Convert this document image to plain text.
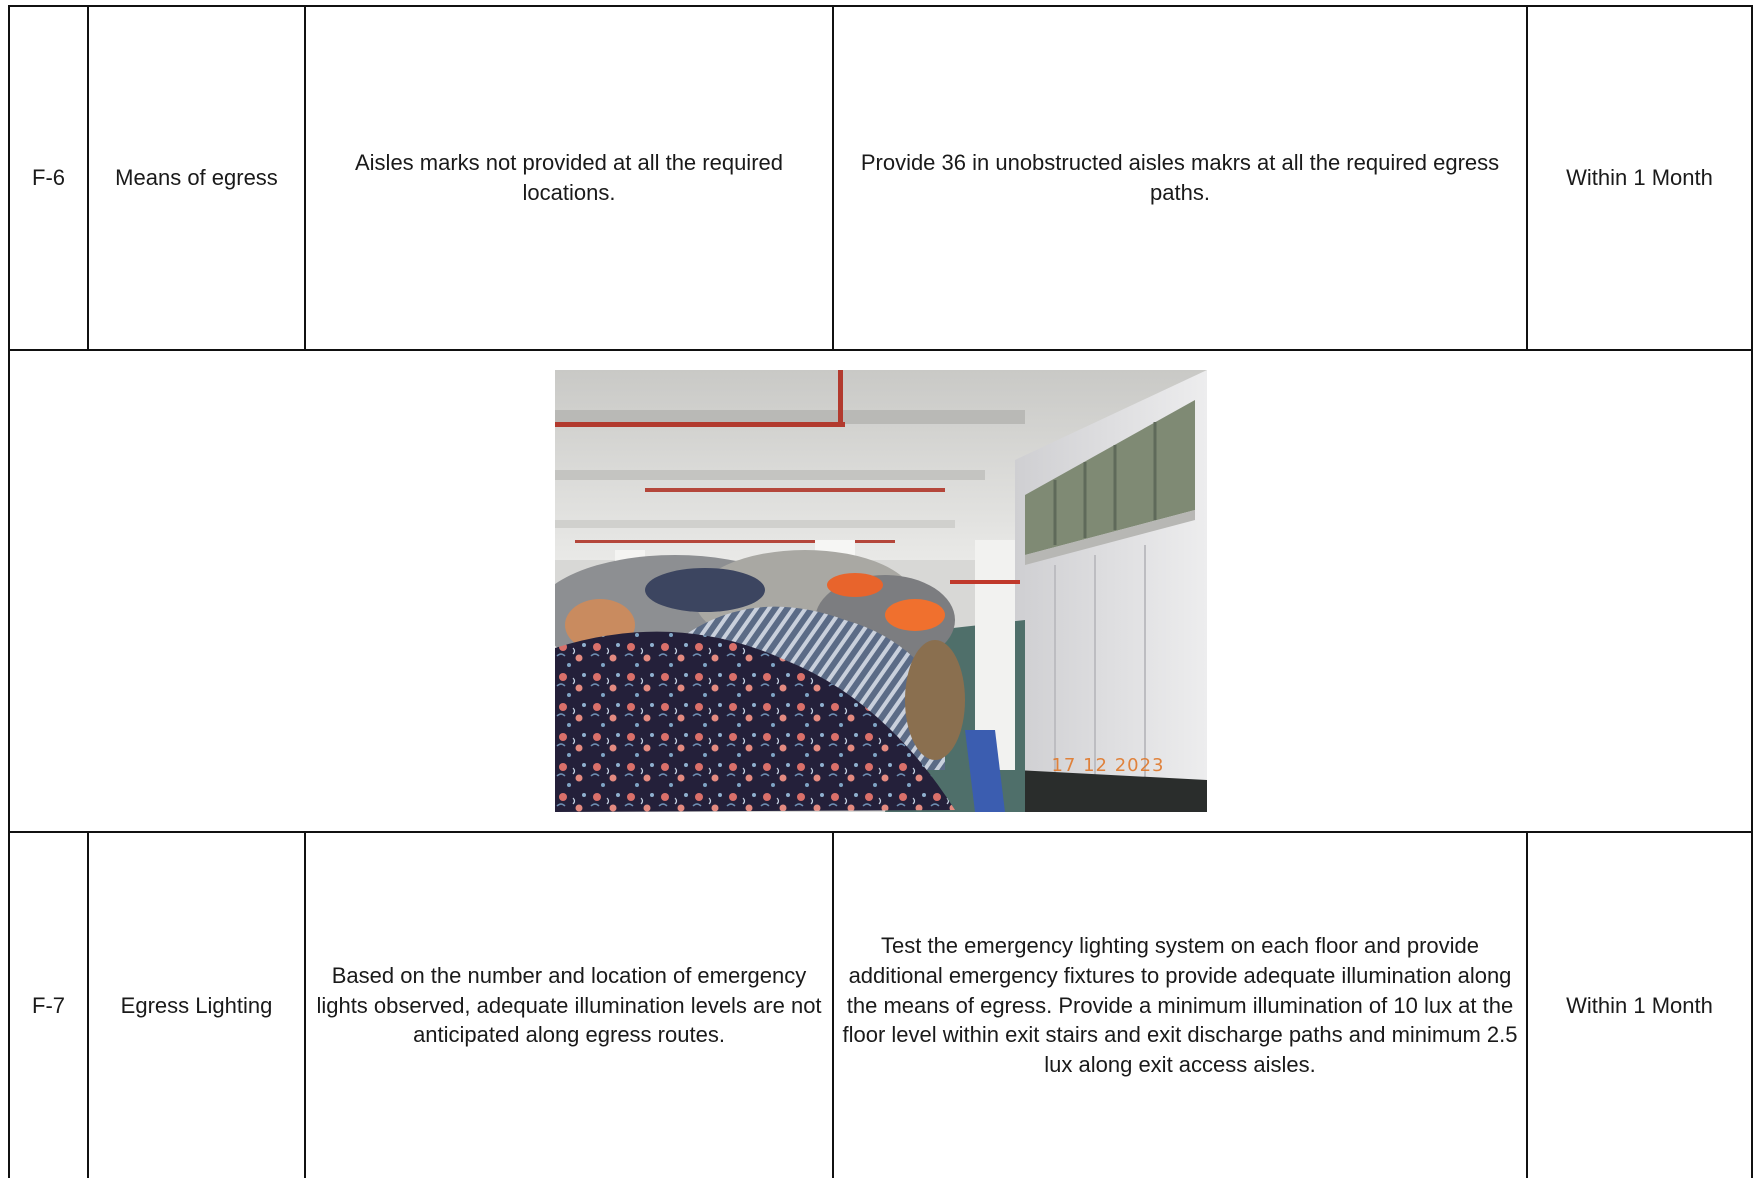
F-6	Means of egress	Aisles marks not provided at all the required locations.	Provide 36 in unobstructed aisles makrs at all the required egress paths.	Within 1 Month

17 12 2023				

F-7	Egress Lighting	Based on the number and location of emergency lights observed, adequate illumination levels are not anticipated along egress routes.	Test the emergency lighting system on each floor and provide additional emergency fixtures to provide adequate illumination along the means of egress. Provide a minimum illumination of 10 lux at the floor level within exit stairs and exit discharge paths and minimum 2.5 lux along exit access aisles.	Within 1 Month
